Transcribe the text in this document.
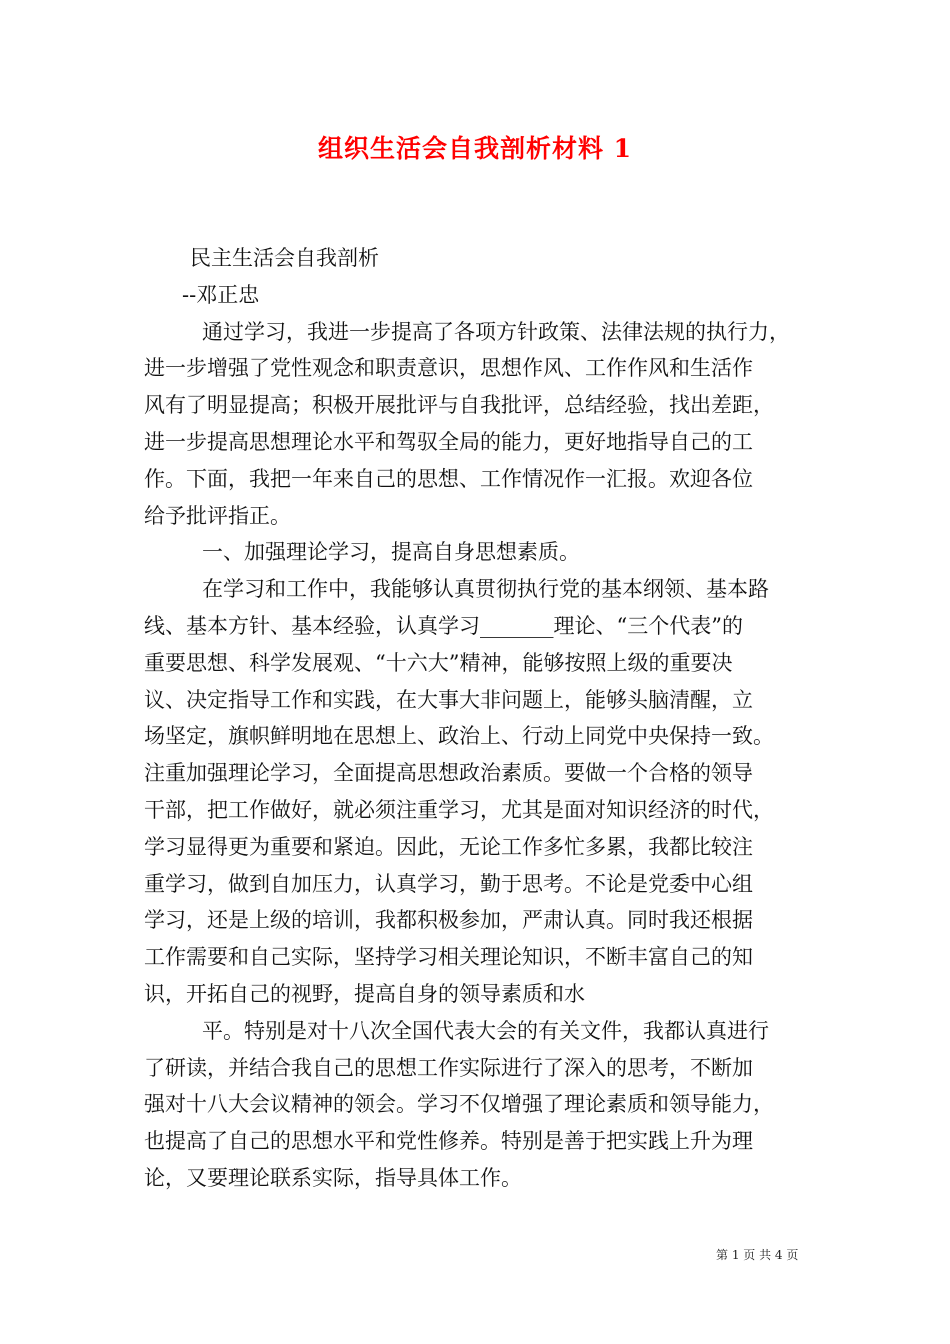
组织生活会自我剖析材料 1
民主生活会自我剖析
--邓正忠
通过学习，我进一步提高了各项方针政策、法律法规的执行力，
进一步增强了党性观念和职责意识，思想作风、工作作风和生活作
风有了明显提高；积极开展批评与自我批评，总结经验，找出差距，
进一步提高思想理论水平和驾驭全局的能力，更好地指导自己的工
作。下面，我把一年来自己的思想、工作情况作一汇报。欢迎各位
给予批评指正。
一、加强理论学习，提高自身思想素质。
在学习和工作中，我能够认真贯彻执行党的基本纲领、基本路
线、基本方针、基本经验，认真学习_______理论、“三个代表”的
重要思想、科学发展观、“十六大”精神，能够按照上级的重要决
议、决定指导工作和实践，在大事大非问题上，能够头脑清醒，立
场坚定，旗帜鲜明地在思想上、政治上、行动上同党中央保持一致。
注重加强理论学习，全面提高思想政治素质。要做一个合格的领导
干部，把工作做好，就必须注重学习，尤其是面对知识经济的时代，
学习显得更为重要和紧迫。因此，无论工作多忙多累，我都比较注
重学习，做到自加压力，认真学习，勤于思考。不论是党委中心组
学习，还是上级的培训，我都积极参加，严肃认真。同时我还根据
工作需要和自己实际，坚持学习相关理论知识，不断丰富自己的知
识，开拓自己的视野，提高自身的领导素质和水
平。特别是对十八次全国代表大会的有关文件，我都认真进行
了研读，并结合我自己的思想工作实际进行了深入的思考，不断加
强对十八大会议精神的领会。学习不仅增强了理论素质和领导能力，
也提高了自己的思想水平和党性修养。特别是善于把实践上升为理
论，又要理论联系实际，指导具体工作。
第 1 页 共 4 页
